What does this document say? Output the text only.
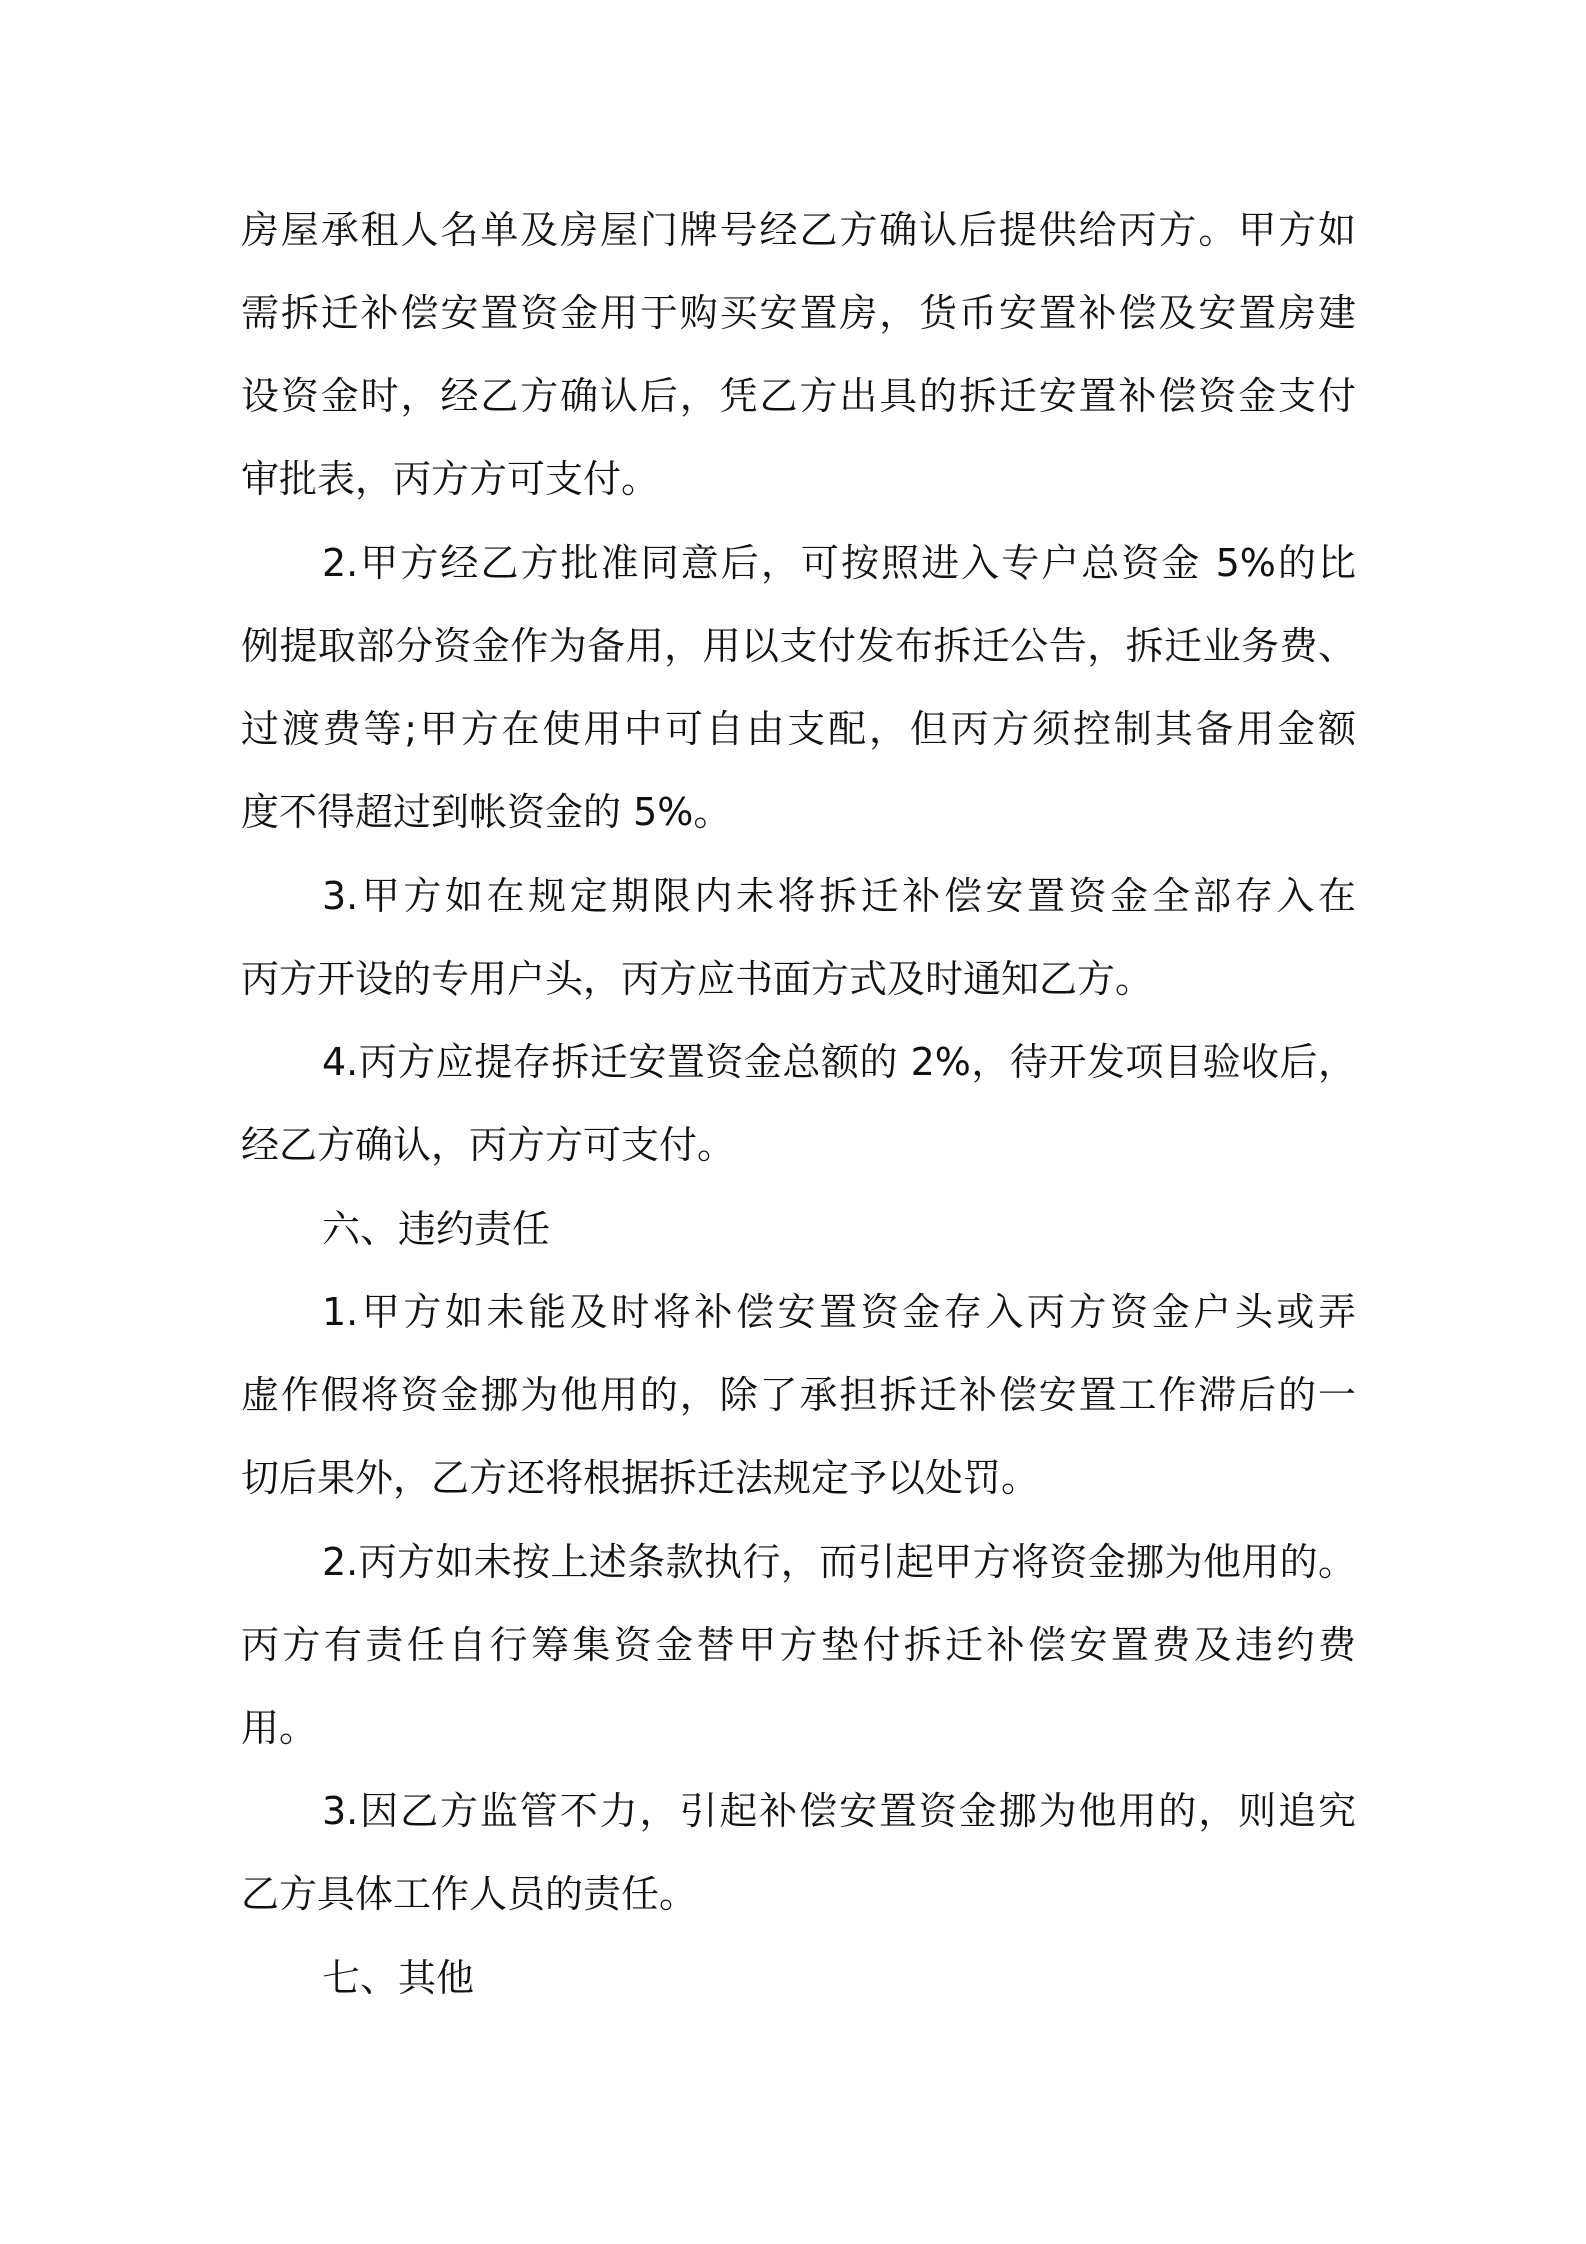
房屋承租人名单及房屋门牌号经乙方确认后提供给丙方。甲方如
需拆迁补偿安置资金用于购买安置房，货币安置补偿及安置房建
设资金时，经乙方确认后，凭乙方出具的拆迁安置补偿资金支付
审批表，丙方方可支付。
2.甲方经乙方批准同意后，可按照进入专户总资金 5%的比
例提取部分资金作为备用，用以支付发布拆迁公告，拆迁业务费、
过渡费等;甲方在使用中可自由支配，但丙方须控制其备用金额
度不得超过到帐资金的 5%。
3.甲方如在规定期限内未将拆迁补偿安置资金全部存入在
丙方开设的专用户头，丙方应书面方式及时通知乙方。
4.丙方应提存拆迁安置资金总额的 2%，待开发项目验收后，
经乙方确认，丙方方可支付。
六、违约责任
1.甲方如未能及时将补偿安置资金存入丙方资金户头或弄
虚作假将资金挪为他用的，除了承担拆迁补偿安置工作滞后的一
切后果外，乙方还将根据拆迁法规定予以处罚。
2.丙方如未按上述条款执行，而引起甲方将资金挪为他用的。
丙方有责任自行筹集资金替甲方垫付拆迁补偿安置费及违约费
用。
3.因乙方监管不力，引起补偿安置资金挪为他用的，则追究
乙方具体工作人员的责任。
七、其他
